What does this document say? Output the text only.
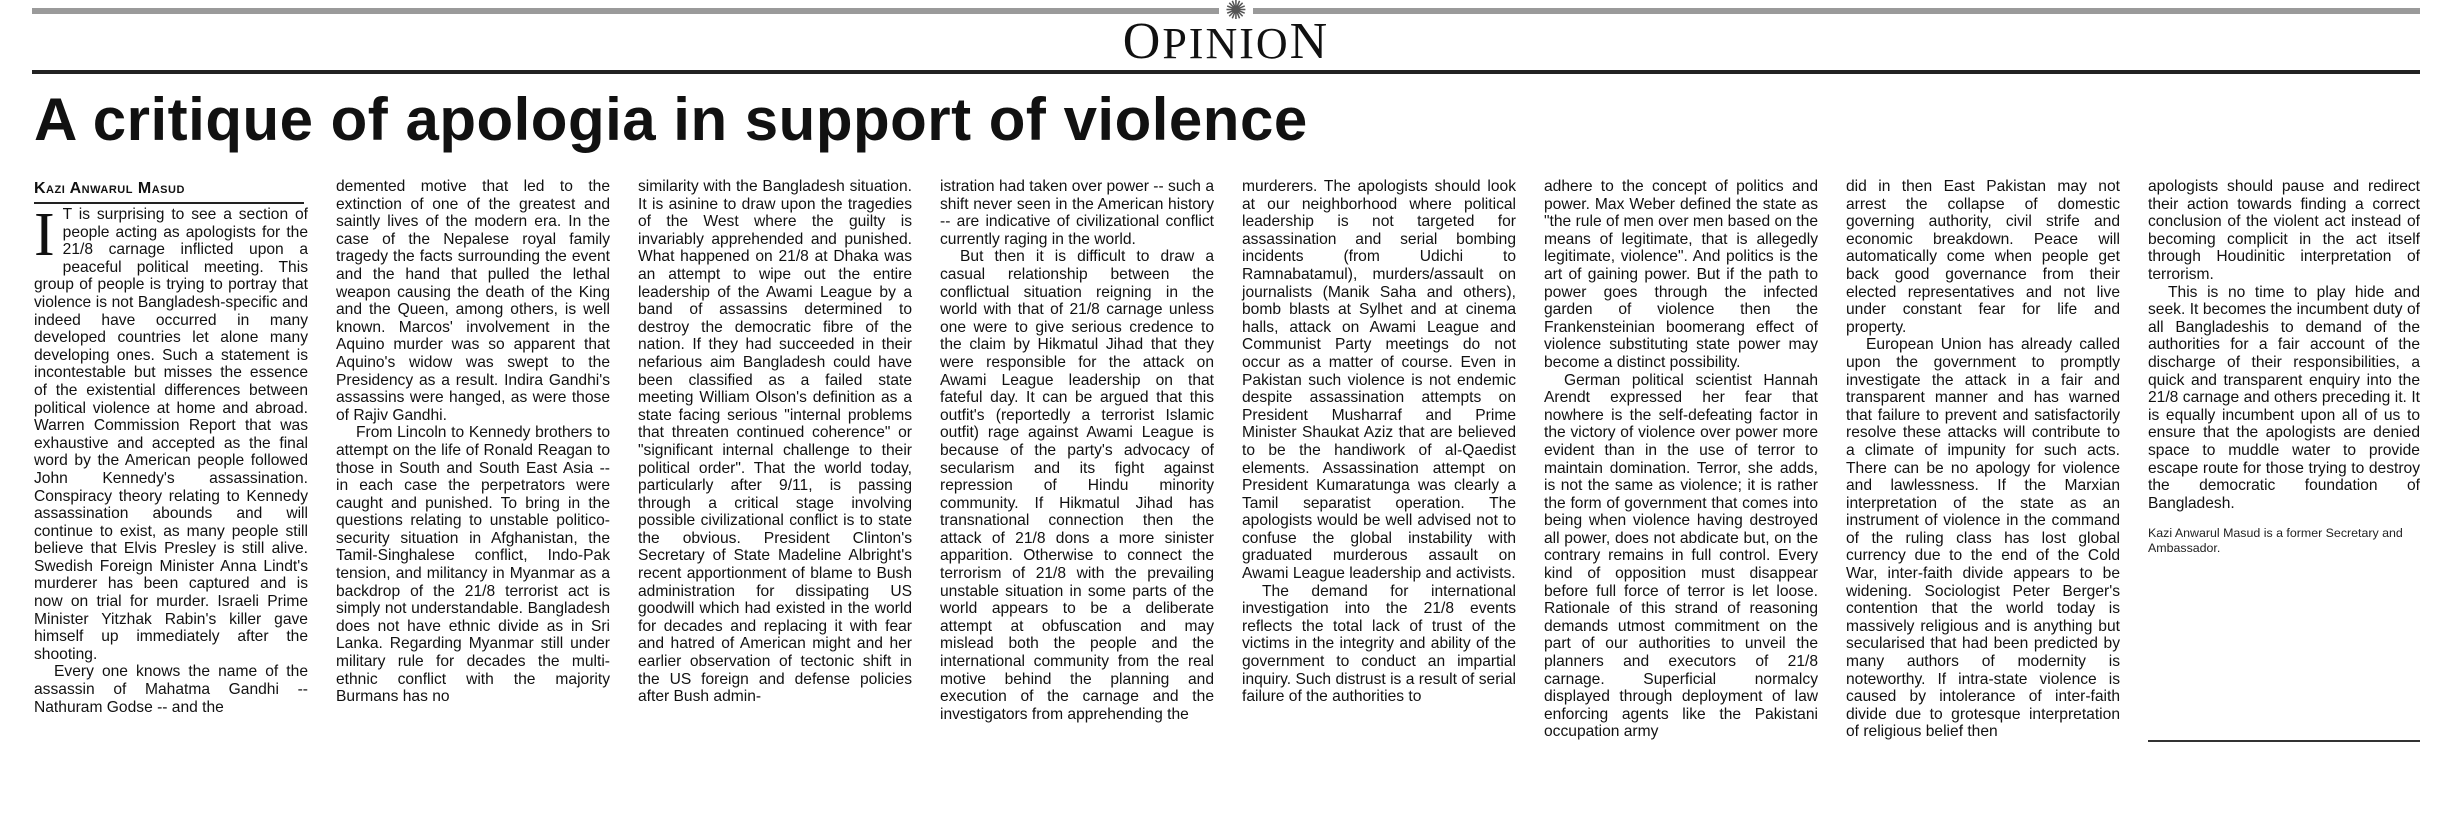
✺
OPINION
A critique of apologia in support of violence
Kazi Anwarul Masud
I T is surprising to see a section of people acting as apologists for the 21/8 carnage inflicted upon a peaceful political meeting. This group of people is trying to portray that violence is not Bangladesh-specific and indeed have occurred in many developed countries let alone many developing ones. Such a statement is incontestable but misses the essence of the existential differences between political violence at home and abroad. Warren Commission Report that was exhaustive and accepted as the final word by the American people followed John Kennedy's assassination. Conspiracy theory relating to Kennedy assassination abounds and will continue to exist, as many people still believe that Elvis Presley is still alive. Swedish Foreign Minister Anna Lindt's murderer has been captured and is now on trial for murder. Israeli Prime Minister Yitzhak Rabin's killer gave himself up immediately after the shooting.

Every one knows the name of the assassin of Mahatma Gandhi -- Nathuram Godse -- and the

demented motive that led to the extinction of one of the greatest and saintly lives of the modern era. In the case of the Nepalese royal family tragedy the facts surrounding the event and the hand that pulled the lethal weapon causing the death of the King and the Queen, among others, is well known. Marcos' involvement in the Aquino murder was so apparent that Aquino's widow was swept to the Presidency as a result. Indira Gandhi's assassins were hanged, as were those of Rajiv Gandhi.

From Lincoln to Kennedy brothers to attempt on the life of Ronald Reagan to those in South and South East Asia -- in each case the perpetrators were caught and punished. To bring in the questions relating to unstable politico-security situation in Afghanistan, the Tamil-Singhalese conflict, Indo-Pak tension, and militancy in Myanmar as a backdrop of the 21/8 terrorist act is simply not understandable. Bangladesh does not have ethnic divide as in Sri Lanka. Regarding Myanmar still under military rule for decades the multi-ethnic conflict with the majority Burmans has no

similarity with the Bangladesh situation. It is asinine to draw upon the tragedies of the West where the guilty is invariably apprehended and punished. What happened on 21/8 at Dhaka was an attempt to wipe out the entire leadership of the Awami League by a band of assassins determined to destroy the democratic fibre of the nation. If they had succeeded in their nefarious aim Bangladesh could have been classified as a failed state meeting William Olson's definition as a state facing serious "internal problems that threaten continued coherence" or "significant internal challenge to their political order". That the world today, particularly after 9/11, is passing through a critical stage involving possible civilizational conflict is to state the obvious. President Clinton's Secretary of State Madeline Albright's recent apportionment of blame to Bush administration for dissipating US goodwill which had existed in the world for decades and replacing it with fear and hatred of American might and her earlier observation of tectonic shift in the US foreign and defense policies after Bush admin-

istration had taken over power -- such a shift never seen in the American history -- are indicative of civilizational conflict currently raging in the world.

But then it is difficult to draw a casual relationship between the conflictual situation reigning in the world with that of 21/8 carnage unless one were to give serious credence to the claim by Hikmatul Jihad that they were responsible for the attack on Awami League leadership on that fateful day. It can be argued that this outfit's (reportedly a terrorist Islamic outfit) rage against Awami League is because of the party's advocacy of secularism and its fight against repression of Hindu minority community. If Hikmatul Jihad has transnational connection then the attack of 21/8 dons a more sinister apparition. Otherwise to connect the terrorism of 21/8 with the prevailing unstable situation in some parts of the world appears to be a deliberate attempt at obfuscation and may mislead both the people and the international community from the real motive behind the planning and execution of the carnage and the investigators from apprehending the

murderers. The apologists should look at our neighborhood where political leadership is not targeted for assassination and serial bombing incidents (from Udichi to Ramnabatamul), murders/assault on journalists (Manik Saha and others), bomb blasts at Sylhet and at cinema halls, attack on Awami League and Communist Party meetings do not occur as a matter of course. Even in Pakistan such violence is not endemic despite assassination attempts on President Musharraf and Prime Minister Shaukat Aziz that are believed to be the handiwork of al-Qaedist elements. Assassination attempt on President Kumaratunga was clearly a Tamil separatist operation. The apologists would be well advised not to confuse the global instability with graduated murderous assault on Awami League leadership and activists.

The demand for international investigation into the 21/8 events reflects the total lack of trust of the victims in the integrity and ability of the government to conduct an impartial inquiry. Such distrust is a result of serial failure of the authorities to

adhere to the concept of politics and power. Max Weber defined the state as "the rule of men over men based on the means of legitimate, that is allegedly legitimate, violence". And politics is the art of gaining power. But if the path to power goes through the infected garden of violence then the Frankensteinian boomerang effect of violence substituting state power may become a distinct possibility.

German political scientist Hannah Arendt expressed her fear that nowhere is the self-defeating factor in the victory of violence over power more evident than in the use of terror to maintain domination. Terror, she adds, is not the same as violence; it is rather the form of government that comes into being when violence having destroyed all power, does not abdicate but, on the contrary remains in full control. Every kind of opposition must disappear before full force of terror is let loose. Rationale of this strand of reasoning demands utmost commitment on the part of our authorities to unveil the planners and executors of 21/8 carnage. Superficial normalcy displayed through deployment of law enforcing agents like the Pakistani occupation army

did in then East Pakistan may not arrest the collapse of domestic governing authority, civil strife and economic breakdown. Peace will automatically come when people get back good governance from their elected representatives and not live under constant fear for life and property.

European Union has already called upon the government to promptly investigate the attack in a fair and transparent manner and has warned that failure to prevent and satisfactorily resolve these attacks will contribute to a climate of impunity for such acts. There can be no apology for violence and lawlessness. If the Marxian interpretation of the state as an instrument of violence in the command of the ruling class has lost global currency due to the end of the Cold War, inter-faith divide appears to be widening. Sociologist Peter Berger's contention that the world today is massively religious and is anything but secularised that had been predicted by many authors of modernity is noteworthy. If intra-state violence is caused by intolerance of inter-faith divide due to grotesque interpretation of religious belief then

apologists should pause and redirect their action towards finding a correct conclusion of the violent act instead of becoming complicit in the act itself through Houdinitic interpretation of terrorism.

This is no time to play hide and seek. It becomes the incumbent duty of all Bangladeshis to demand of the authorities for a fair account of the discharge of their responsibilities, a quick and transparent enquiry into the 21/8 carnage and others preceding it. It is equally incumbent upon all of us to ensure that the apologists are denied space to muddle water to provide escape route for those trying to destroy the democratic foundation of Bangladesh.

Kazi Anwarul Masud is a former Secretary and Ambassador.
